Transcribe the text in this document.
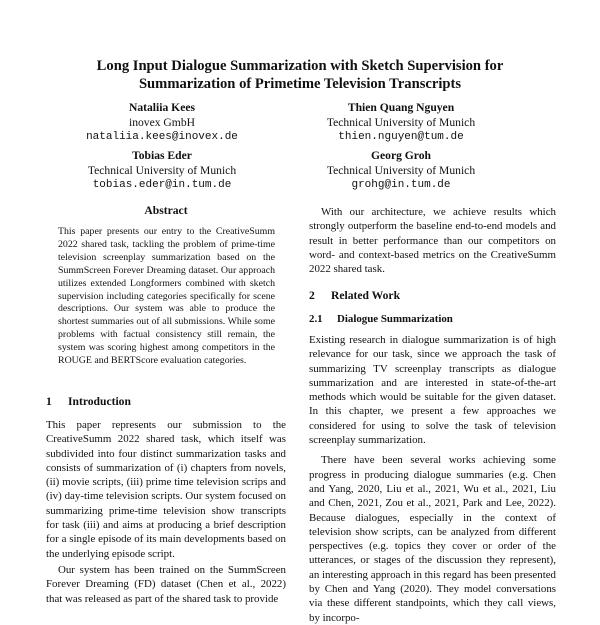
Long Input Dialogue Summarization with Sketch Supervision for Summarization of Primetime Television Transcripts
Nataliia Kees
inovex GmbH
nataliia.kees@inovex.de
Thien Quang Nguyen
Technical University of Munich
thien.nguyen@tum.de
Tobias Eder
Technical University of Munich
tobias.eder@in.tum.de
Georg Groh
Technical University of Munich
grohg@in.tum.de
Abstract

This paper presents our entry to the CreativeSumm 2022 shared task, tackling the problem of prime-time television screenplay summarization based on the SummScreen Forever Dreaming dataset. Our approach utilizes extended Longformers combined with sketch supervision including categories specifically for scene descriptions. Our system was able to produce the shortest summaries out of all submissions. While some problems with factual consistency still remain, the system was scoring highest among competitors in the ROUGE and BERTScore evaluation categories.

1 Introduction

This paper represents our submission to the CreativeSumm 2022 shared task, which itself was subdivided into four distinct summarization tasks and consists of summarization of (i) chapters from novels, (ii) movie scripts, (iii) prime time television scrips and (iv) day-time television scripts. Our system focused on summarizing prime-time television show transcripts for task (iii) and aims at producing a brief description for a single episode of its main developments based on the underlying episode script.

Our system has been trained on the SummScreen Forever Dreaming (FD) dataset (Chen et al., 2022) that was released as part of the shared task to provide

With our architecture, we achieve results which strongly outperform the baseline end-to-end models and result in better performance than our competitors on word- and context-based metrics on the CreativeSumm 2022 shared task.

2 Related Work
2.1 Dialogue Summarization

Existing research in dialogue summarization is of high relevance for our task, since we approach the task of summarizing TV screenplay transcripts as dialogue summarization and are interested in state-of-the-art methods which would be suitable for the given dataset. In this chapter, we present a few approaches we considered for using to solve the task of television screenplay summarization.

There have been several works achieving some progress in producing dialogue summaries (e.g. Chen and Yang, 2020, Liu et al., 2021, Wu et al., 2021, Liu and Chen, 2021, Zou et al., 2021, Park and Lee, 2022). Because dialogues, especially in the context of television show scripts, can be analyzed from different perspectives (e.g. topics they cover or order of the utterances, or stages of the discussion they represent), an interesting approach in this regard has been presented by Chen and Yang (2020). They model conversations via these different standpoints, which they call views, by incorpo-
